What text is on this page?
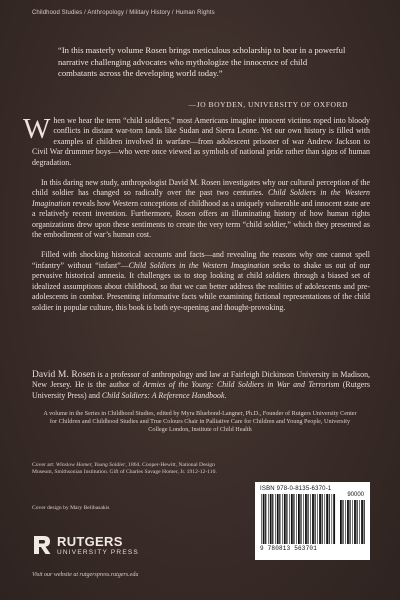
Childhood Studies / Anthropology / Military History / Human Rights
“In this masterly volume Rosen brings meticulous scholarship to bear in a powerful narrative challenging advocates who mythologize the innocence of child combatants across the developing world today.”
—JO BOYDEN, UNIVERSITY OF OXFORD

When we hear the term “child soldiers,” most Americans imagine innocent victims roped into bloody conflicts in distant war-torn lands like Sudan and Sierra Leone. Yet our own history is filled with examples of children involved in warfare—from adolescent prisoner of war Andrew Jackson to Civil War drummer boys—who were once viewed as symbols of national pride rather than signs of human degradation.

In this daring new study, anthropologist David M. Rosen investigates why our cultural perception of the child soldier has changed so radically over the past two centuries. Child Soldiers in the Western Imagination reveals how Western conceptions of childhood as a uniquely vulnerable and innocent state are a relatively recent invention. Furthermore, Rosen offers an illuminating history of how human rights organizations drew upon these sentiments to create the very term “child soldier,” which they presented as the embodiment of war’s human cost.

Filled with shocking historical accounts and facts—and revealing the reasons why one cannot spell “infantry” without “infant”—Child Soldiers in the Western Imagination seeks to shake us out of our pervasive historical amnesia. It challenges us to stop looking at child soldiers through a biased set of idealized assumptions about childhood, so that we can better address the realities of adolescents and pre-adolescents in combat. Presenting informative facts while examining fictional representations of the child soldier in popular culture, this book is both eye-opening and thought-provoking.

David M. Rosen is a professor of anthropology and law at Fairleigh Dickinson University in Madison, New Jersey. He is the author of Armies of the Young: Child Soldiers in War and Terrorism (Rutgers University Press) and Child Soldiers: A Reference Handbook.
A volume in the Series in Childhood Studies, edited by Myra Bluebond-Langner, Ph.D., Founder of Rutgers University Center for Children and Childhood Studies and True Colours Chair in Palliative Care for Children and Young People, University College London, Institute of Child Health
Cover art: Winslow Homer, Young Soldier, 1864. Cooper-Hewitt, National Design Museum, Smithsonian Institution. Gift of Charles Savage Homer, Jr. 1912-12-110.
Cover design by Mary Belibasakis
RUTGERS
UNIVERSITY PRESS
Visit our website at rutgerspress.rutgers.edu
ISBN 978-0-8135-6370-1
90000
9 780813 563701
